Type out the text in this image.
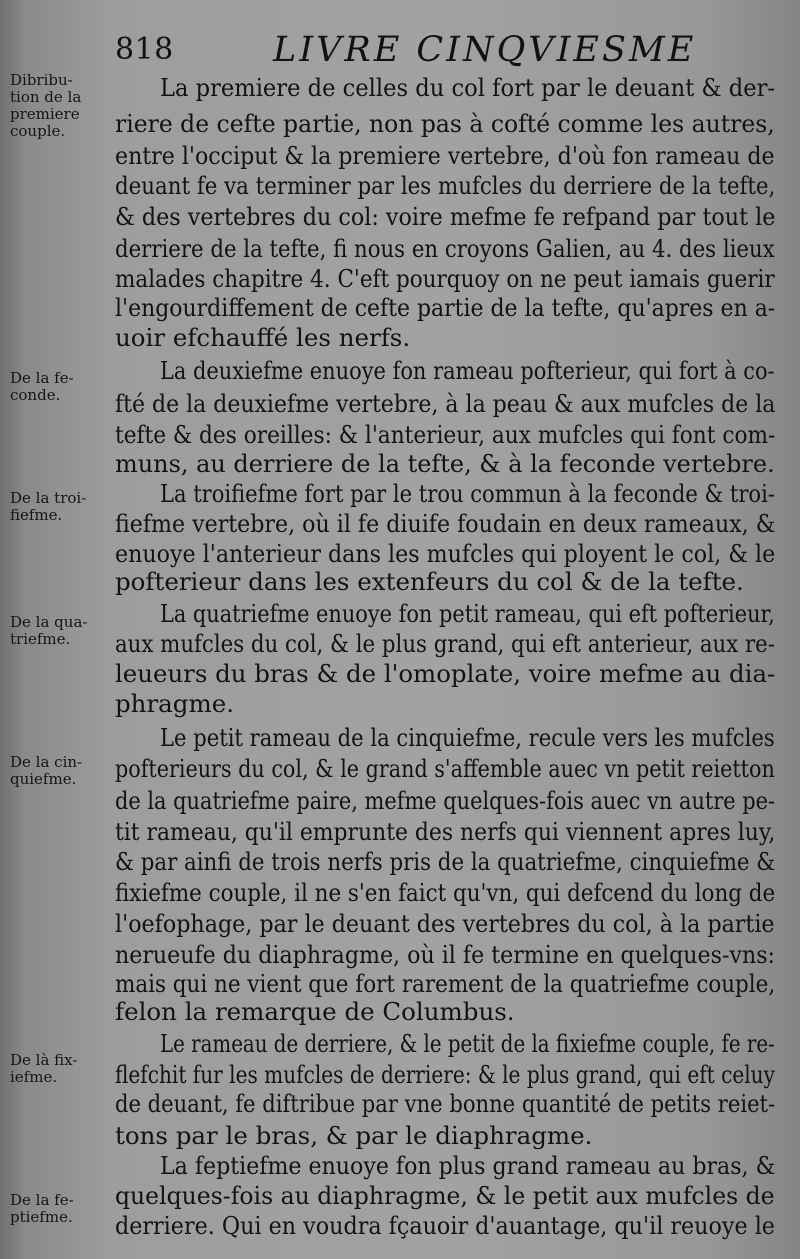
818	LIVRE CINQVIESME
Dibribu-
tion de la
premiere
couple.
De la fe-
conde.
De la troi-
fiefme.
De la qua-
triefme.
De la cin-
quiefme.
De là fix-
iefme.
De la fe-
ptiefme.
La premiere de celles du col fort par le deuant & der-
riere de cefte partie, non pas à cofté comme les autres,
entre l'occiput & la premiere vertebre, d'où fon rameau de
deuant fe va terminer par les mufcles du derriere de la tefte,
& des vertebres du col: voire mefme fe refpand par tout le
derriere de la tefte, fi nous en croyons Galien, au 4. des lieux
malades chapitre 4. C'eft pourquoy on ne peut iamais guerir
l'engourdiffement de cefte partie de la tefte, qu'apres en a-
uoir efchauffé les nerfs.
La deuxiefme enuoye fon rameau pofterieur, qui fort à co-
fté de la deuxiefme vertebre, à la peau & aux mufcles de la
tefte & des oreilles: & l'anterieur, aux mufcles qui font com-
muns, au derriere de la tefte, & à la feconde vertebre.
La troifiefme fort par le trou commun à la feconde & troi-
fiefme vertebre, où il fe diuife foudain en deux rameaux, &
enuoye l'anterieur dans les mufcles qui ployent le col, & le
pofterieur dans les extenfeurs du col & de la tefte.
La quatriefme enuoye fon petit rameau, qui eft pofterieur,
aux mufcles du col, & le plus grand, qui eft anterieur, aux re-
leueurs du bras & de l'omoplate, voire mefme au dia-
phragme.
Le petit rameau de la cinquiefme, recule vers les mufcles
pofterieurs du col, & le grand s'affemble auec vn petit reietton
de la quatriefme paire, mefme quelques-fois auec vn autre pe-
tit rameau, qu'il emprunte des nerfs qui viennent apres luy,
& par ainfi de trois nerfs pris de la quatriefme, cinquiefme &
fixiefme couple, il ne s'en faict qu'vn, qui defcend du long de
l'oefophage, par le deuant des vertebres du col, à la partie
nerueufe du diaphragme, où il fe termine en quelques-vns:
mais qui ne vient que fort rarement de la quatriefme couple,
felon la remarque de Columbus.
Le rameau de derriere, & le petit de la fixiefme couple, fe re-
flefchit fur les mufcles de derriere: & le plus grand, qui eft celuy
de deuant, fe diftribue par vne bonne quantité de petits reiet-
tons par le bras, & par le diaphragme.
La feptiefme enuoye fon plus grand rameau au bras, &
quelques-fois au diaphragme, & le petit aux mufcles de
derriere. Qui en voudra fçauoir d'auantage, qu'il reuoye le
